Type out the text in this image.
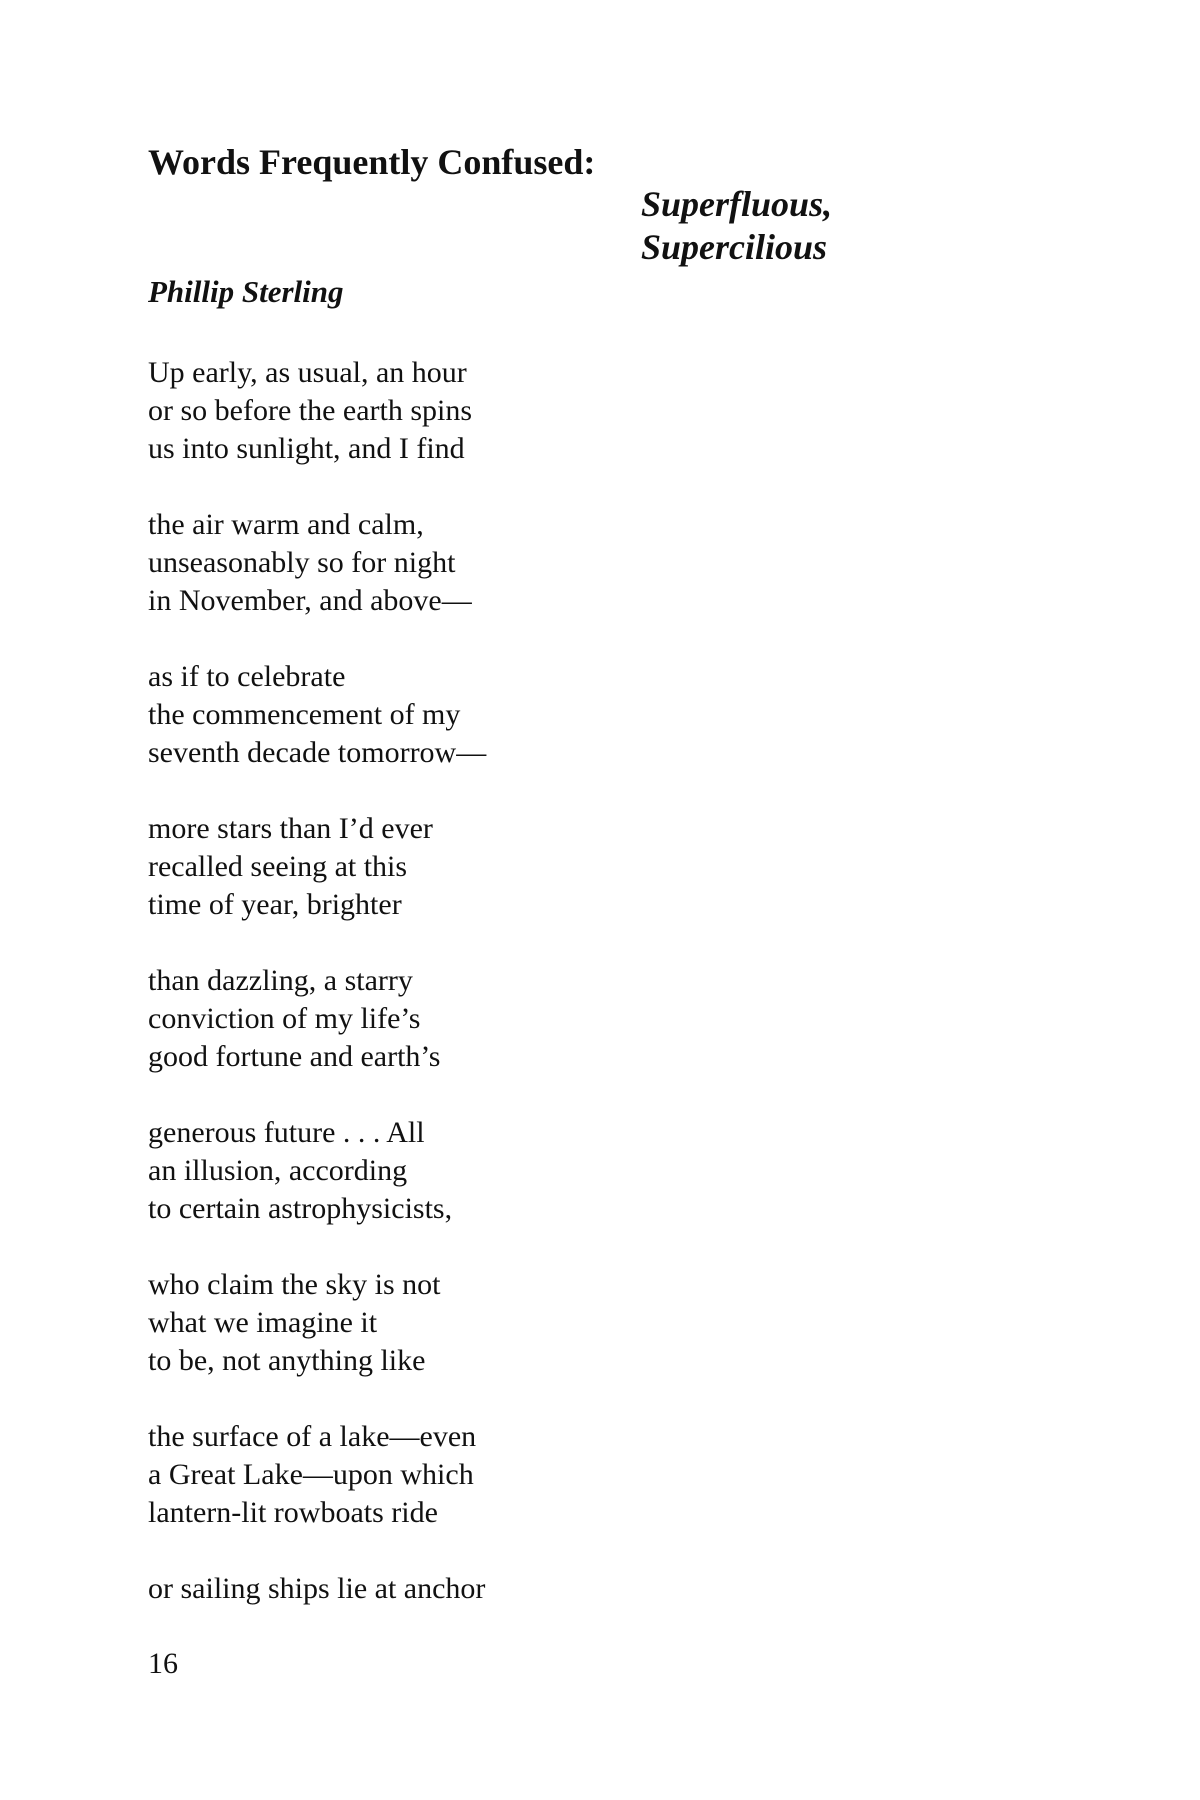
Words Frequently Confused:
Superfluous,
Supercilious

Phillip Sterling

Up early, as usual, an hour
or so before the earth spins
us into sunlight, and I find
the air warm and calm,
unseasonably so for night
in November, and above—
as if to celebrate
the commencement of my
seventh decade tomorrow—
more stars than I’d ever
recalled seeing at this
time of year, brighter
than dazzling, a starry
conviction of my life’s
good fortune and earth’s
generous future . . . All
an illusion, according
to certain astrophysicists,
who claim the sky is not
what we imagine it
to be, not anything like
the surface of a lake—even
a Great Lake—upon which
lantern-lit rowboats ride
or sailing ships lie at anchor

16
